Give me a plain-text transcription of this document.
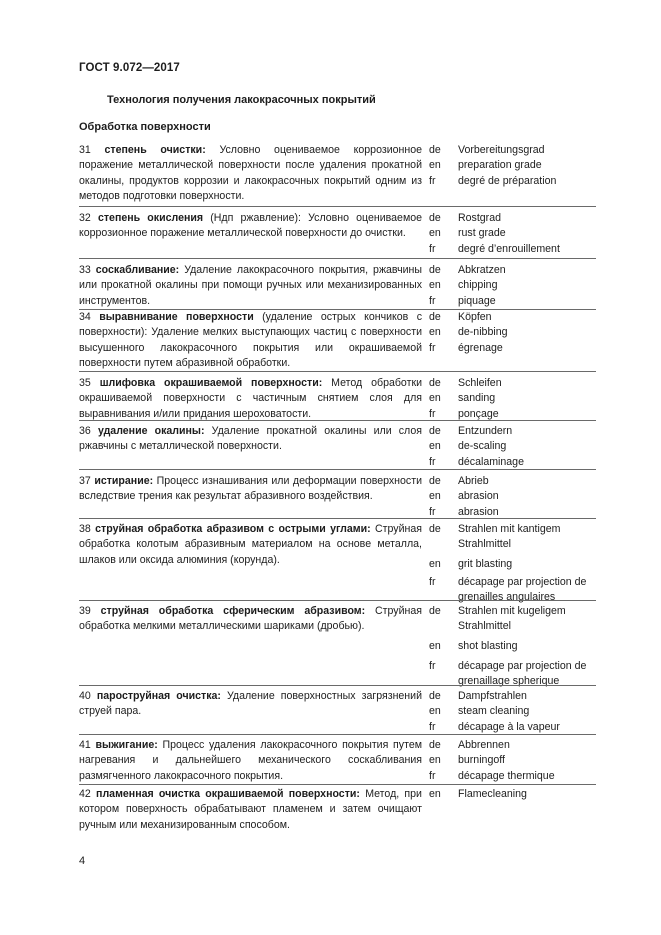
ГОСТ 9.072—2017
Технология получения лакокрасочных покрытий
Обработка поверхности
31 степень очистки: Условно оцениваемое коррозионное поражение металлической поверхности после удаления прокатной окалины, продуктов коррозии и лакокрасочных покрытий одним из методов подготовки поверхности.
de	Vorbereitungsgrad
en	preparation grade
fr	degré de préparation
32 степень окисления (Ндп ржавление): Условно оцениваемое коррозионное поражение металлической поверхности до очистки.
de	Rostgrad
en	rust grade
fr	degré d’enrouillement
33 соскабливание: Удаление лакокрасочного покрытия, ржавчины или прокатной окалины при помощи ручных или механизированных инструментов.
de	Abkratzen
en	chipping
fr	piquage
34 выравнивание поверхности (удаление острых кончиков с поверхности): Удаление мелких выступающих частиц с поверхности высушенного лакокрасочного покрытия или окрашиваемой поверхности путем абразивной обработки.
de	Köpfen
en	de-nibbing
fr	égrenage
35 шлифовка окрашиваемой поверхности: Метод обработки окрашиваемой поверхности с частичным снятием слоя для выравнивания и/или придания шероховатости.
de	Schleifen
en	sanding
fr	ponçage
36 удаление окалины: Удаление прокатной окалины или слоя ржавчины с металлической поверхности.
de	Entzundern
en	de-scaling
fr	décalaminage
37 истирание: Процесс изнашивания или деформации поверхности вследствие трения как результат абразивного воздействия.
de	Abrieb
en	abrasion
fr	abrasion
38 струйная обработка абразивом с острыми углами: Струйная обработка колотым абразивным материалом на основе металла, шлаков или оксида алюминия (корунда).
de	Strahlen mit kantigem Strahlmittel
en	grit blasting
fr	décapage par projection de grenailles angulaires
39 струйная обработка сферическим абразивом: Струйная обработка мелкими металлическими шариками (дробью).
de	Strahlen mit kugeligem Strahlmittel
en	shot blasting
fr	décapage par projection de grenaillage spherique
40 пароструйная очистка: Удаление поверхностных загрязнений струей пара.
de	Dampfstrahlen
en	steam cleaning
fr	décapage à la vapeur
41 выжигание: Процесс удаления лакокрасочного покрытия путем нагревания и дальнейшего механического соскабливания размягченного лакокрасочного покрытия.
de	Abbrennen
en	burningoff
fr	décapage thermique
42 пламенная очистка окрашиваемой поверхности: Метод, при котором поверхность обрабатывают пламенем и затем очищают ручным или механизированным способом.
en	Flamecleaning
4
